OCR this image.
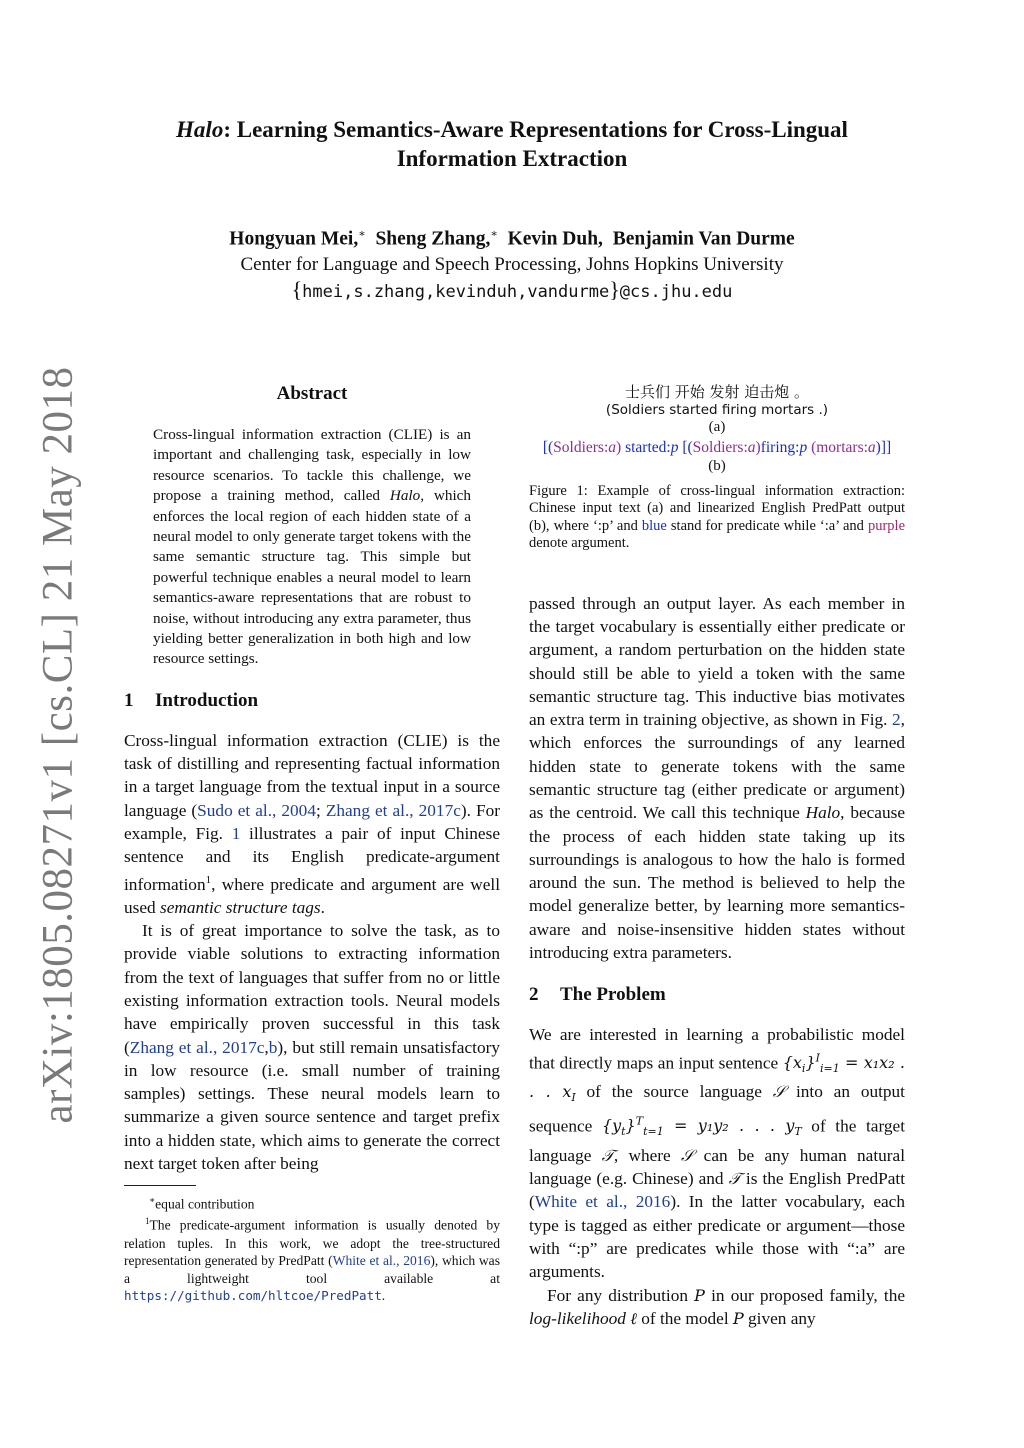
arXiv:1805.08271v1 [cs.CL] 21 May 2018

Halo: Learning Semantics-Aware Representations for Cross-Lingual

Information Extraction

Hongyuan Mei,∗ Sheng Zhang,∗ Kevin Duh, Benjamin Van Durme
Center for Language and Speech Processing, Johns Hopkins University
{hmei,s.zhang,kevinduh,vandurme}@cs.jhu.edu

Abstract

Cross-lingual information extraction (CLIE) is an important and challenging task, especially in low resource scenarios. To tackle this challenge, we propose a training method, called Halo, which enforces the local region of each hidden state of a neural model to only generate target tokens with the same semantic structure tag. This simple but powerful technique enables a neural model to learn semantics-aware representations that are robust to noise, without introducing any extra parameter, thus yielding better generalization in both high and low resource settings.

1 Introduction

Cross-lingual information extraction (CLIE) is the task of distilling and representing factual information in a target language from the textual input in a source language (Sudo et al., 2004; Zhang et al., 2017c). For example, Fig. 1 illustrates a pair of input Chinese sentence and its English predicate-argument information$^1$, where predicate and argument are well used semantic structure tags.

It is of great importance to solve the task, as to provide viable solutions to extracting information from the text of languages that suffer from no or little existing information extraction tools. Neural models have empirically proven successful in this task (Zhang et al., 2017c,b), but still remain unsatisfactory in low resource (i.e. small number of training samples) settings. These neural models learn to summarize a given source sentence and target prefix into a hidden state, which aims to generate the correct next target token after being

∗equal contribution

$^1$The predicate-argument information is usually denoted by relation tuples. In this work, we adopt the tree-structured representation generated by PredPatt (White et al., 2016), which was a lightweight tool available at https://github.com/hltcoe/PredPatt.

士兵们 开始 发射 迫击炮 。
(Soldiers started firing mortars .)
(a)
[(Soldiers:a) started:p [(Soldiers:a)firing:p (mortars:a)]]
(b)

Figure 1: Example of cross-lingual information extraction: Chinese input text (a) and linearized English PredPatt output (b), where ‘:p’ and blue stand for predicate while ‘:a’ and purple denote argument.

passed through an output layer. As each member in the target vocabulary is essentially either predicate or argument, a random perturbation on the hidden state should still be able to yield a token with the same semantic structure tag. This inductive bias motivates an extra term in training objective, as shown in Fig. 2, which enforces the surroundings of any learned hidden state to generate tokens with the same semantic structure tag (either predicate or argument) as the centroid. We call this technique Halo, because the process of each hidden state taking up its surroundings is analogous to how the halo is formed around the sun. The method is believed to help the model generalize better, by learning more semantics-aware and noise-insensitive hidden states without introducing extra parameters.

2 The Problem

We are interested in learning a probabilistic model that directly maps an input sentence $\{x_i\}^I_{i=1} = x_1x_2$ . . . $x_I$ of the source language 𝒮 into an output sequence $\{y_t\}^T_{t=1} = y_1y_2$ . . . $y_T$ of the target language 𝒯, where 𝒮 can be any human natural language (e.g. Chinese) and 𝒯 is the English PredPatt (White et al., 2016). In the latter vocabulary, each type is tagged as either predicate or argument—those with “:p” are predicates while those with “:a” are arguments.

For any distribution P in our proposed family, the log-likelihood ℓ of the model P given any
